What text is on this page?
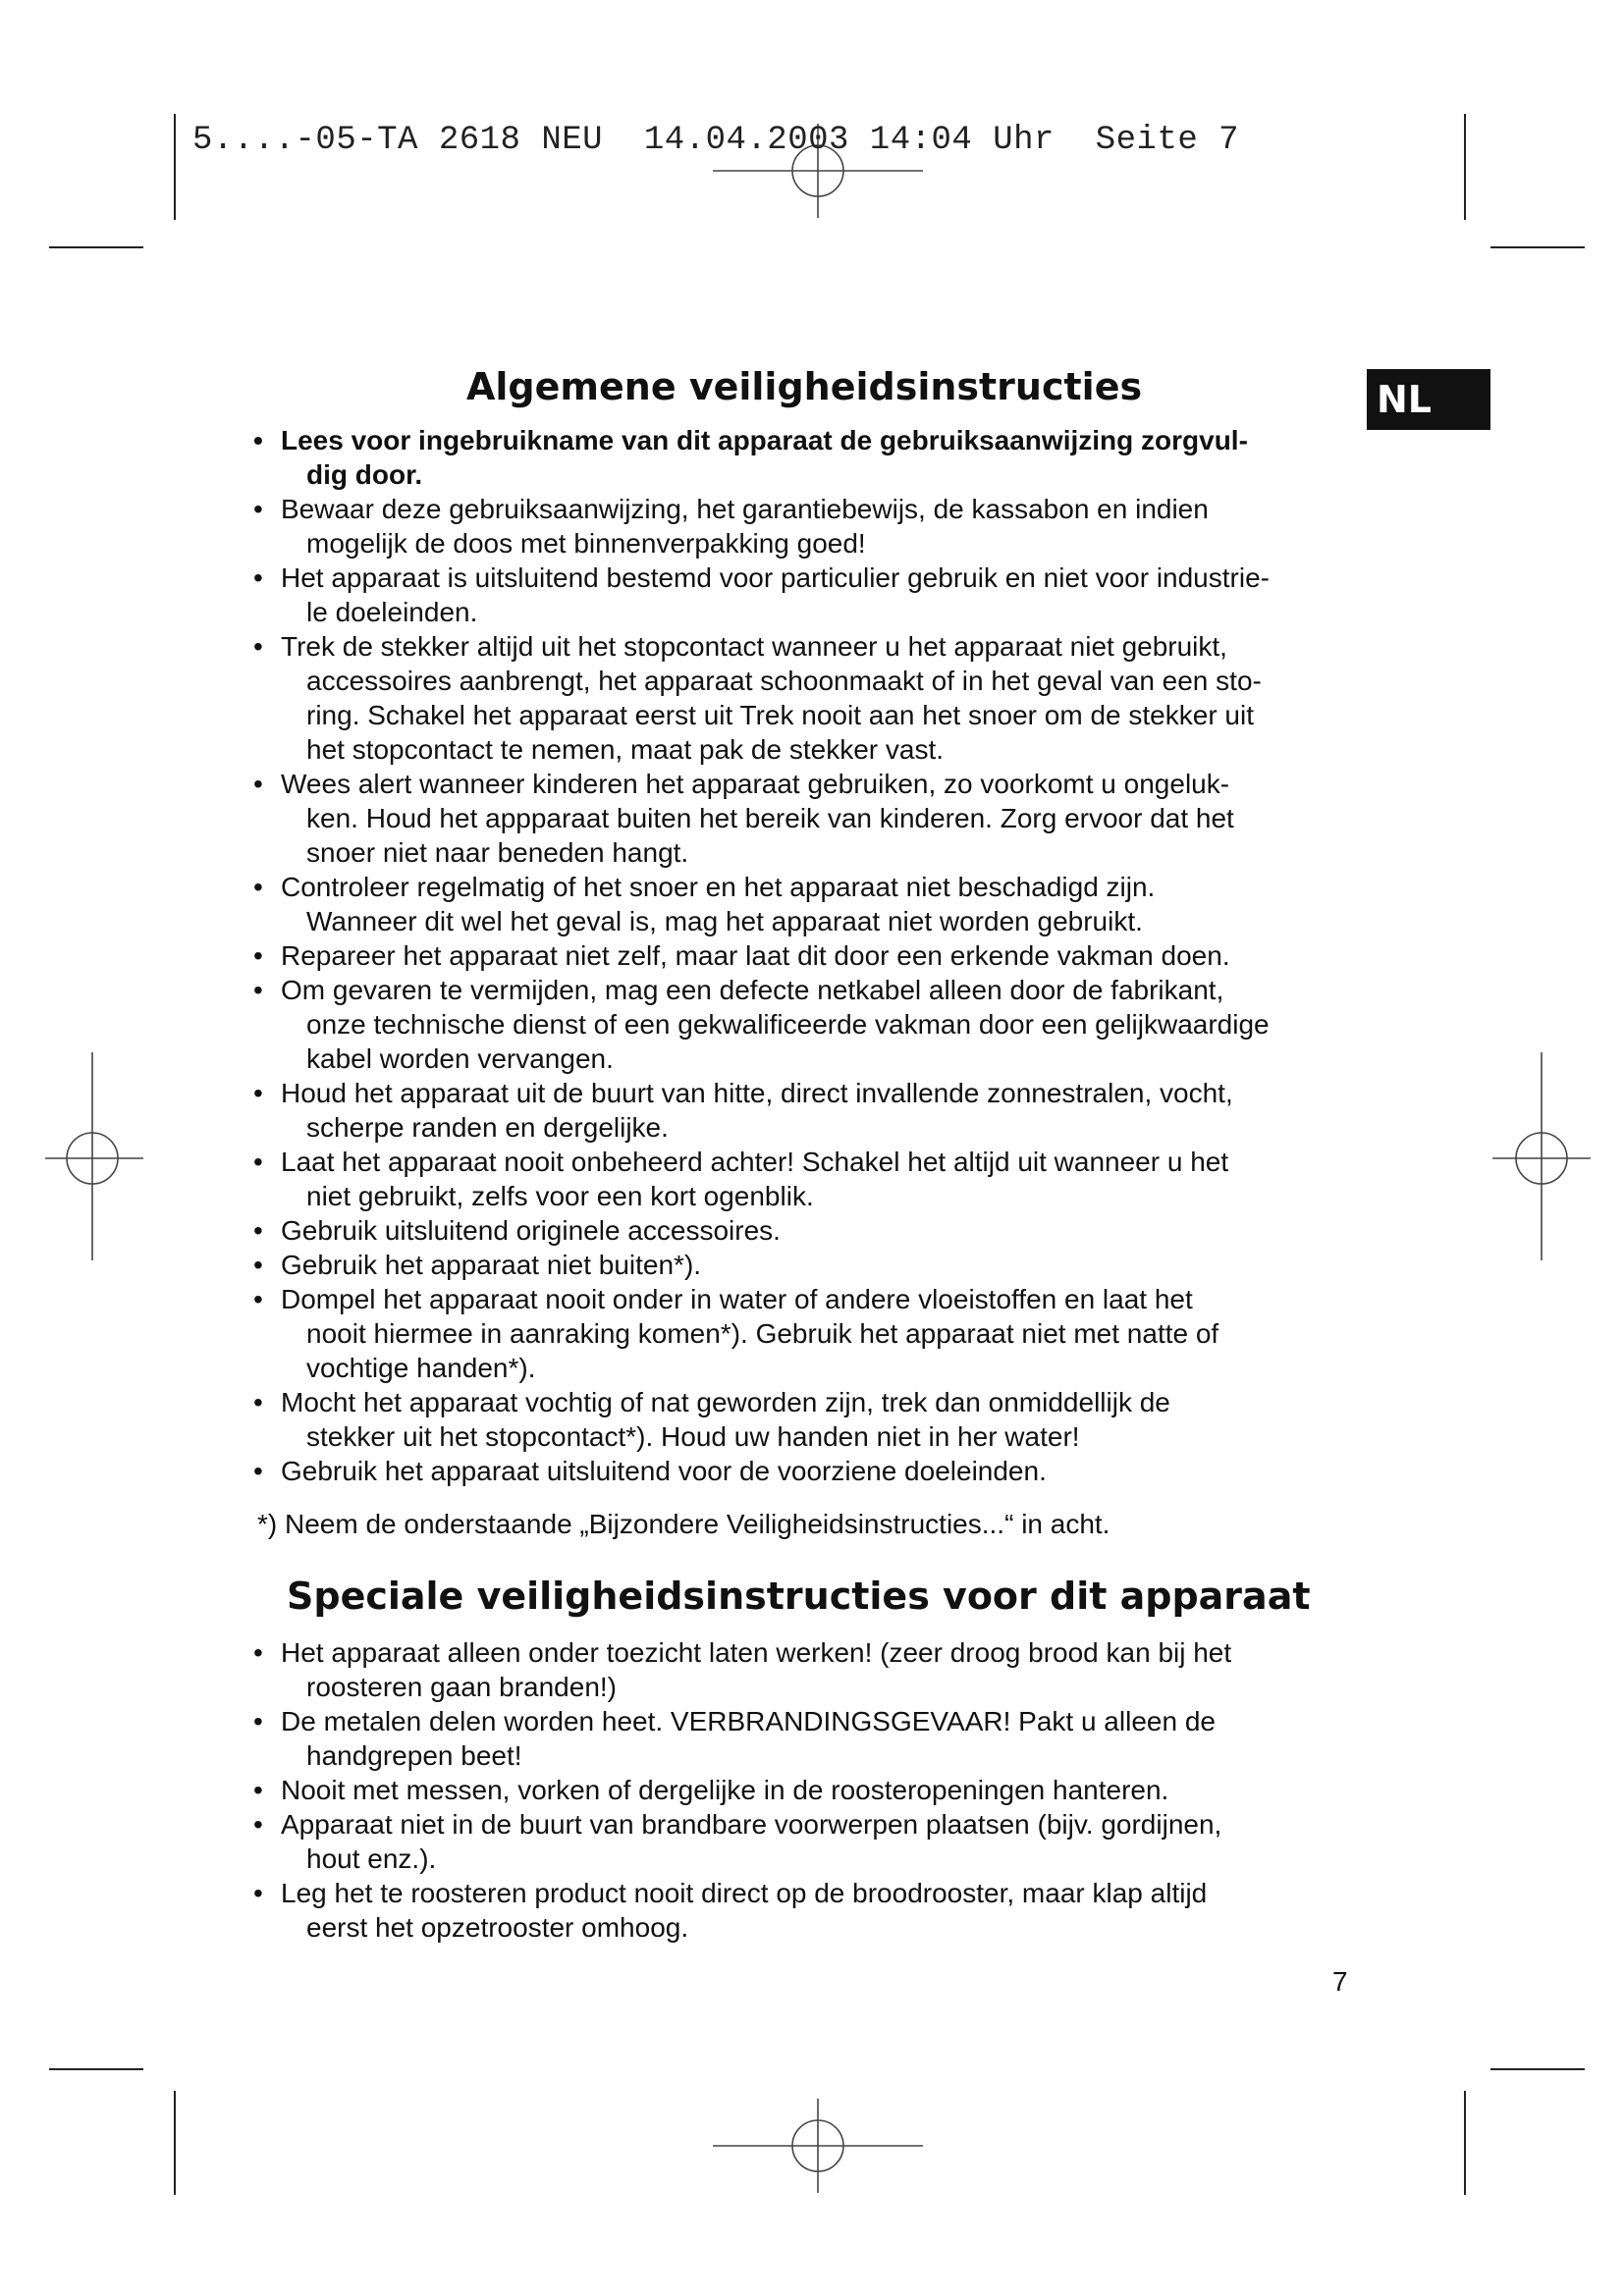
5....-05-TA 2618 NEU  14.04.2003 14:04 Uhr  Seite 7
NL
Algemene veiligheidsinstructies
• Lees voor ingebruikname van dit apparaat de gebruiksaanwijzing zorgvul-
dig door.
• Bewaar deze gebruiksaanwijzing, het garantiebewijs, de kassabon en indien
mogelijk de doos met binnenverpakking goed!
• Het apparaat is uitsluitend bestemd voor particulier gebruik en niet voor industrie-
le doeleinden.
• Trek de stekker altijd uit het stopcontact wanneer u het apparaat niet gebruikt,
accessoires aanbrengt, het apparaat schoonmaakt of in het geval van een sto-
ring. Schakel het apparaat eerst uit Trek nooit aan het snoer om de stekker uit
het stopcontact te nemen, maat pak de stekker vast.
• Wees alert wanneer kinderen het apparaat gebruiken, zo voorkomt u ongeluk-
ken. Houd het appparaat buiten het bereik van kinderen. Zorg ervoor dat het
snoer niet naar beneden hangt.
• Controleer regelmatig of het snoer en het apparaat niet beschadigd zijn.
Wanneer dit wel het geval is, mag het apparaat niet worden gebruikt.
• Repareer het apparaat niet zelf, maar laat dit door een erkende vakman doen.
• Om gevaren te vermijden, mag een defecte netkabel alleen door de fabrikant,
onze technische dienst of een gekwalificeerde vakman door een gelijkwaardige
kabel worden vervangen.
• Houd het apparaat uit de buurt van hitte, direct invallende zonnestralen, vocht,
scherpe randen en dergelijke.
• Laat het apparaat nooit onbeheerd achter! Schakel het altijd uit wanneer u het
niet gebruikt, zelfs voor een kort ogenblik.
• Gebruik uitsluitend originele accessoires.
• Gebruik het apparaat niet buiten*).
• Dompel het apparaat nooit onder in water of andere vloeistoffen en laat het
nooit hiermee in aanraking komen*). Gebruik het apparaat niet met natte of
vochtige handen*).
• Mocht het apparaat vochtig of nat geworden zijn, trek dan onmiddellijk de
stekker uit het stopcontact*). Houd uw handen niet in her water!
• Gebruik het apparaat uitsluitend voor de voorziene doeleinden.
*) Neem de onderstaande „Bijzondere Veiligheidsinstructies...“ in acht.
Speciale veiligheidsinstructies voor dit apparaat
• Het apparaat alleen onder toezicht laten werken! (zeer droog brood kan bij het
roosteren gaan branden!)
• De metalen delen worden heet. VERBRANDINGSGEVAAR! Pakt u alleen de
handgrepen beet!
• Nooit met messen, vorken of dergelijke in de roosteropeningen hanteren.
• Apparaat niet in de buurt van brandbare voorwerpen plaatsen (bijv. gordijnen,
hout enz.).
• Leg het te roosteren product nooit direct op de broodrooster, maar klap altijd
eerst het opzetrooster omhoog.
7
